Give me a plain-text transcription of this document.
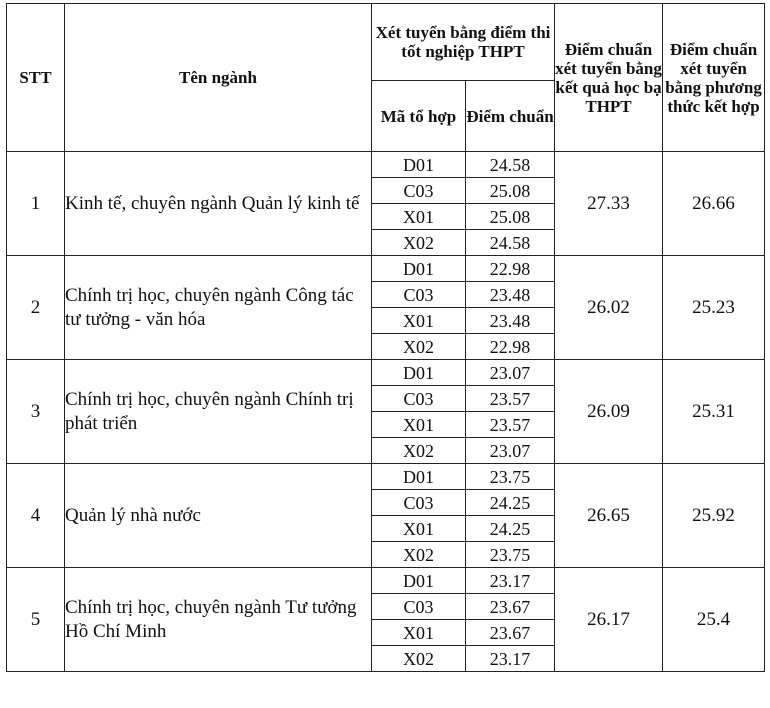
STT	Tên ngành	Xét tuyển bằng điểm thi tốt nghiệp THPT		Điểm chuẩn xét tuyển bằng kết quả học bạ THPT	Điểm chuẩn xét tuyển bằng phương thức kết hợp
		Mã tổ hợp	Điểm chuẩn		
1	Kinh tế, chuyên ngành Quản lý kinh tế	D01	24.58	27.33	26.66
		C03	25.08		
		X01	25.08		
		X02	24.58		
2	Chính trị học, chuyên ngành Công tác tư tưởng - văn hóa	D01	22.98	26.02	25.23
		C03	23.48		
		X01	23.48		
		X02	22.98		
3	Chính trị học, chuyên ngành Chính trị phát triển	D01	23.07	26.09	25.31
		C03	23.57		
		X01	23.57		
		X02	23.07		
4	Quản lý nhà nước	D01	23.75	26.65	25.92
		C03	24.25		
		X01	24.25		
		X02	23.75		
5	Chính trị học, chuyên ngành Tư tưởng Hồ Chí Minh	D01	23.17	26.17	25.4
		C03	23.67		
		X01	23.67		
		X02	23.17		
